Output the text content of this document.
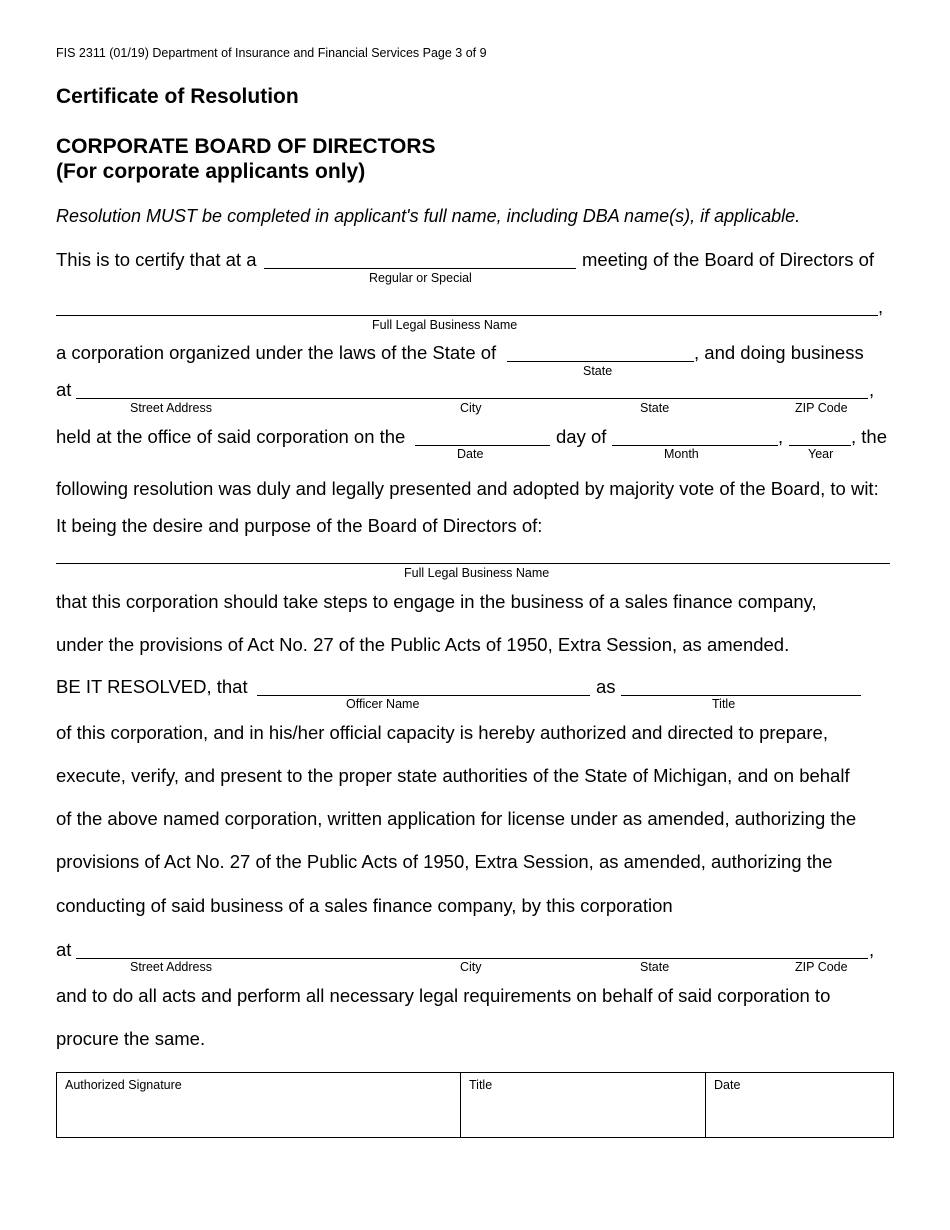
FIS 2311 (01/19) Department of Insurance and Financial Services Page 3 of 9
Certificate of Resolution
CORPORATE BOARD OF DIRECTORS
(For corporate applicants only)
Resolution MUST be completed in applicant's full name, including DBA name(s), if applicable.
This is to certify that at a	meeting of the Board of Directors of
Regular or Special
,
Full Legal Business Name
a corporation organized under the laws of the State of	, and doing business
State
at	,
Street Address	City	State	ZIP Code
held at the office of said corporation on the	day of	,	, the
Date	Month	Year
following resolution was duly and legally presented and adopted by majority vote of the Board, to wit:
It being the desire and purpose of the Board of Directors of:
Full Legal Business Name
that this corporation should take steps to engage in the business of a sales finance company,
under the provisions of Act No. 27 of the Public Acts of 1950, Extra Session, as amended.
BE IT RESOLVED, that	as
Officer Name	Title
of this corporation, and in his/her official capacity is hereby authorized and directed to prepare,
execute, verify, and present to the proper state authorities of the State of Michigan, and on behalf
of the above named corporation, written application for license under as amended, authorizing the
provisions of Act No. 27 of the Public Acts of 1950, Extra Session, as amended, authorizing the
conducting of said business of a sales finance company, by this corporation
at	,
Street Address	City	State	ZIP Code
and to do all acts and perform all necessary legal requirements on behalf of said corporation to
procure the same.
Authorized Signature	Title	Date
